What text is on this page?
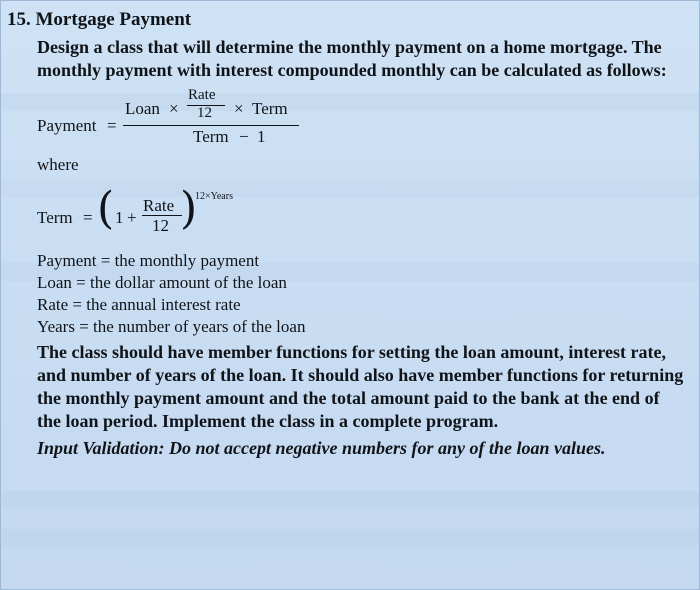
15. Mortgage Payment
Design a class that will determine the monthly payment on a home mortgage. The monthly payment with interest compounded monthly can be calculated as follows:
Payment =
Loan ×
Rate
12 × Term
Term − 1
where
Term = ( 1 +
Rate
12 )
12×Years
Payment = the monthly payment
Loan = the dollar amount of the loan
Rate = the annual interest rate
Years = the number of years of the loan
The class should have member functions for setting the loan amount, interest rate, and number of years of the loan. It should also have member functions for returning the monthly payment amount and the total amount paid to the bank at the end of the loan period. Implement the class in a complete program.
Input Validation: Do not accept negative numbers for any of the loan values.
